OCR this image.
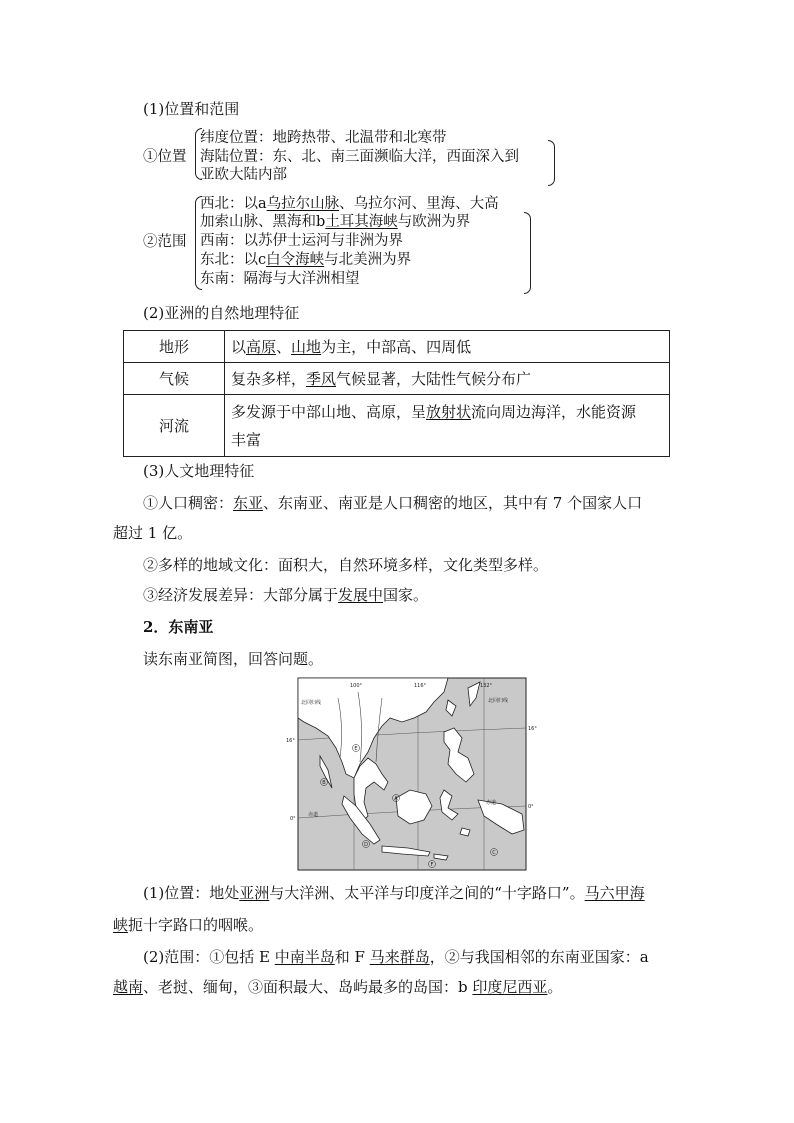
(1)位置和范围
①位置
纬度位置：地跨热带、北温带和北寒带
海陆位置：东、北、南三面濒临大洋，西面深入到
亚欧大陆内部
②范围
西北：以a乌拉尔山脉、乌拉尔河、里海、大高
加索山脉、黑海和b土耳其海峡与欧洲为界
西南：以苏伊士运河与非洲为界
东北：以c白令海峡与北美洲为界
东南：隔海与大洋洲相望
(2)亚洲的自然地理特征
地形	以高原、山地为主，中部高、四周低
气候	复杂多样，季风气候显著，大陆性气候分布广
河流	多发源于中部山地、高原，呈放射状流向周边海洋，水能资源
丰富
(3)人文地理特征
①人口稠密：东亚、东南亚、南亚是人口稠密的地区，其中有 7 个国家人口
超过 1 亿。
②多样的地域文化：面积大，自然环境多样，文化类型多样。
③经济发展差异：大部分属于发展中国家。
2．东南亚
读东南亚简图，回答问题。
100°	116°	132°
16°
0°
16°
0°
北回归线	北回归线
赤道
赤道
A
B
C
D
E
F
(1)位置：地处亚洲与大洋洲、太平洋与印度洋之间的“十字路口”。马六甲海
峡扼十字路口的咽喉。
(2)范围：①包括 E 中南半岛和 F 马来群岛，②与我国相邻的东南亚国家：a
越南、老挝、缅甸，③面积最大、岛屿最多的岛国：b 印度尼西亚。
